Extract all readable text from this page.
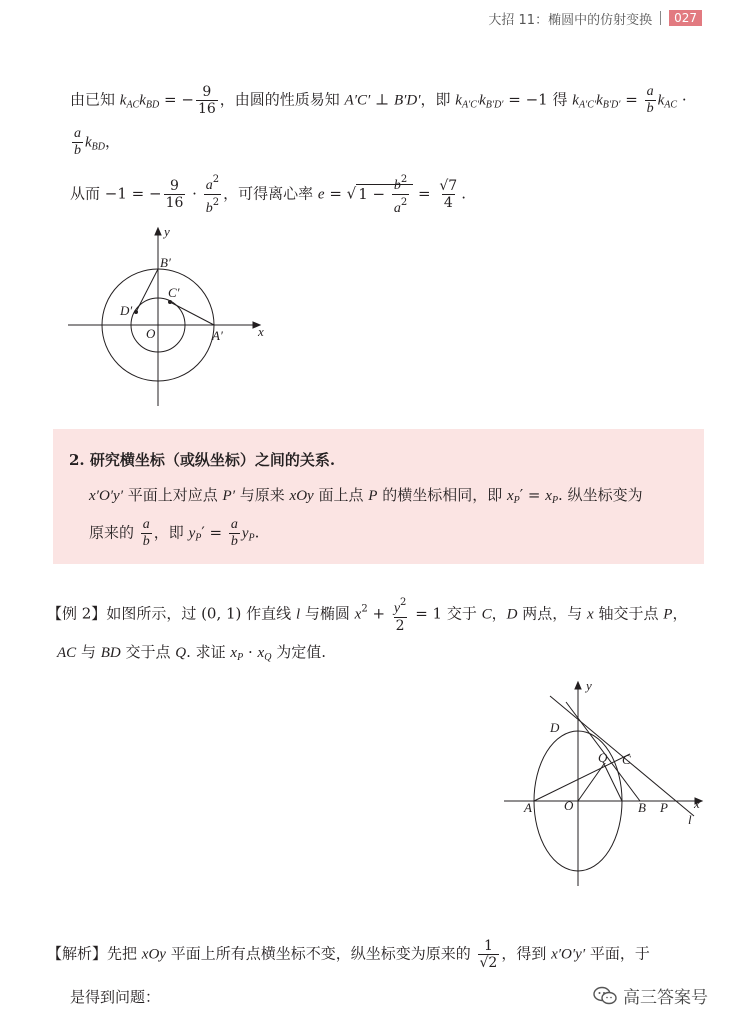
大招 11：椭圆中的仿射变换	027
由已知 $k_{AC}k_{BD}$ = − $\frac{9}{16}$ ，由圆的性质易知 A′C′ ⊥ B′D′，即 $k_{A'C'}k_{B'D'} = -1$ 得 $k_{A'C'}k_{B'D'} = \frac{a}{b} k_{AC}$ ·
$\frac{a}{b} k_{BD}$，
从而 −1 = − $\frac{9}{16} \cdot \frac{a^2}{b^2}$ ，可得离心率 e = √ $1 - \frac{b^2}{a^2} = \frac{√7}{4}$ .
y
x
B′
C′
D′
O	A′
2. 研究横坐标（或纵坐标）之间的关系.
x′O′y′ 平面上对应点 P′ 与原来 xOy 面上点 P 的横坐标相同，即 $x_P' = x_P$. 纵坐标变为
原来的 $\frac{a}{b}$ ，即 $y_P' = \frac{a}{b} y_P$.
【例 2】如图所示，过 (0, 1) 作直线 l 与椭圆 $x^2 + \frac{y^2}{2} = 1$ 交于 C，D 两点，与 x 轴交于点 P，
AC 与 BD 交于点 Q. 求证 $x_P \cdot x_Q$ 为定值.
y
x
D
Q C
A O	B P
l
【解析】先把 xOy 平面上所有点横坐标不变，纵坐标变为原来的 $\frac{1}{√2}$ ，得到 x′O′y′ 平面，于
是得到问题：	高三答案号
